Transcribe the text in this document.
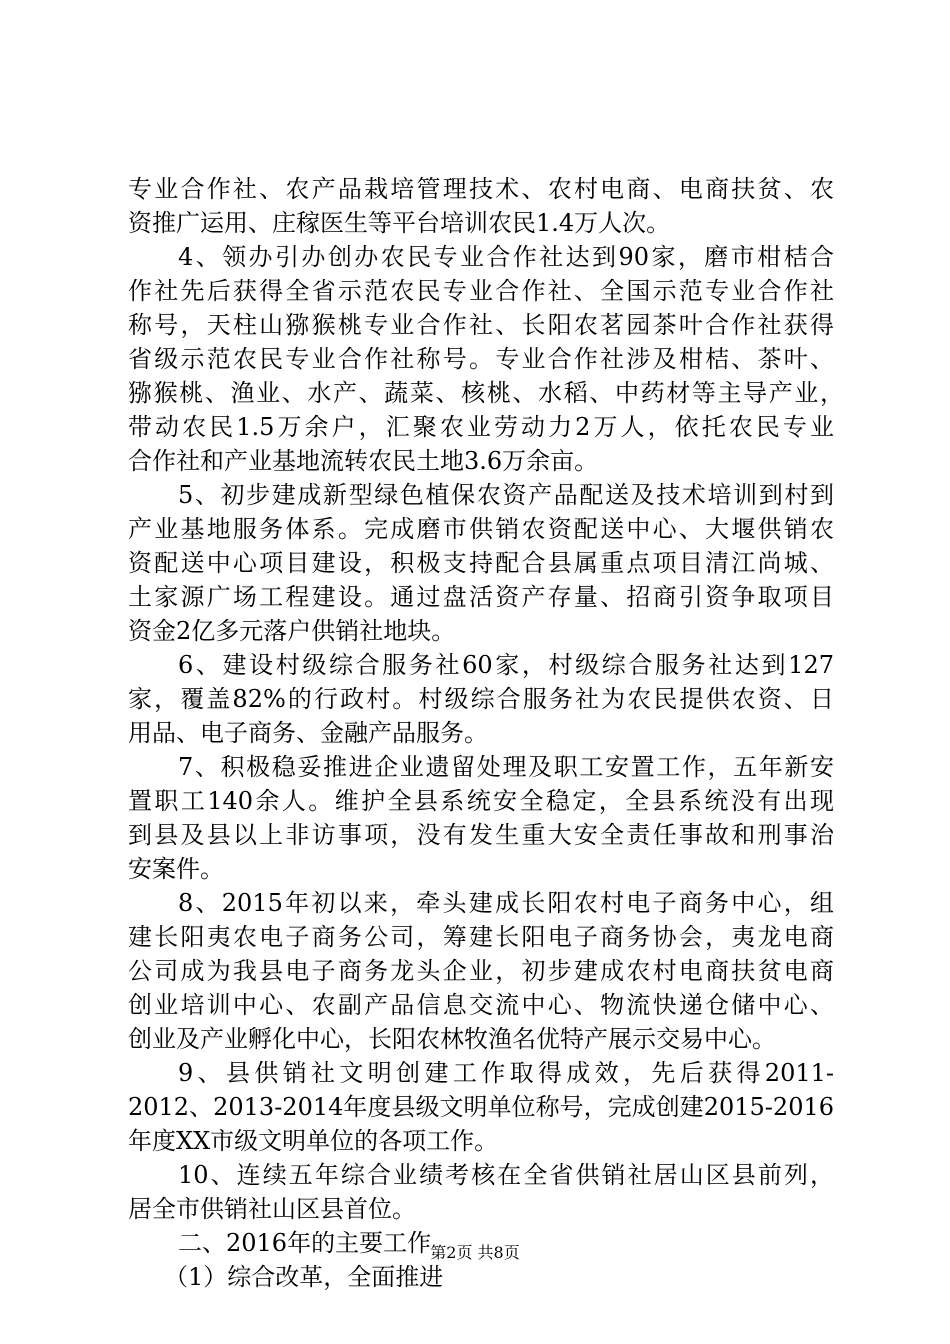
专业合作社、农产品栽培管理技术、农村电商、电商扶贫、农
资推广运用、庄稼医生等平台培训农民1.4万人次。
4、领办引办创办农民专业合作社达到90家，磨市柑桔合
作社先后获得全省示范农民专业合作社、全国示范专业合作社
称号，天柱山猕猴桃专业合作社、长阳农茗园茶叶合作社获得
省级示范农民专业合作社称号。专业合作社涉及柑桔、茶叶、
猕猴桃、渔业、水产、蔬菜、核桃、水稻、中药材等主导产业，
带动农民1.5万余户，汇聚农业劳动力2万人，依托农民专业
合作社和产业基地流转农民土地3.6万余亩。
5、初步建成新型绿色植保农资产品配送及技术培训到村到
产业基地服务体系。完成磨市供销农资配送中心、大堰供销农
资配送中心项目建设，积极支持配合县属重点项目清江尚城、
土家源广场工程建设。通过盘活资产存量、招商引资争取项目
资金2亿多元落户供销社地块。
6、建设村级综合服务社60家，村级综合服务社达到127
家，覆盖82%的行政村。村级综合服务社为农民提供农资、日
用品、电子商务、金融产品服务。
7、积极稳妥推进企业遗留处理及职工安置工作，五年新安
置职工140余人。维护全县系统安全稳定，全县系统没有出现
到县及县以上非访事项，没有发生重大安全责任事故和刑事治
安案件。
8、2015年初以来，牵头建成长阳农村电子商务中心，组
建长阳夷农电子商务公司，筹建长阳电子商务协会，夷龙电商
公司成为我县电子商务龙头企业，初步建成农村电商扶贫电商
创业培训中心、农副产品信息交流中心、物流快递仓储中心、
创业及产业孵化中心，长阳农林牧渔名优特产展示交易中心。
9、县供销社文明创建工作取得成效，先后获得2011-
2012、2013-2014年度县级文明单位称号，完成创建2015-2016
年度XX市级文明单位的各项工作。
10、连续五年综合业绩考核在全省供销社居山区县前列，
居全市供销社山区县首位。
二、2016年的主要工作
（1）综合改革，全面推进
第2页 共8页
